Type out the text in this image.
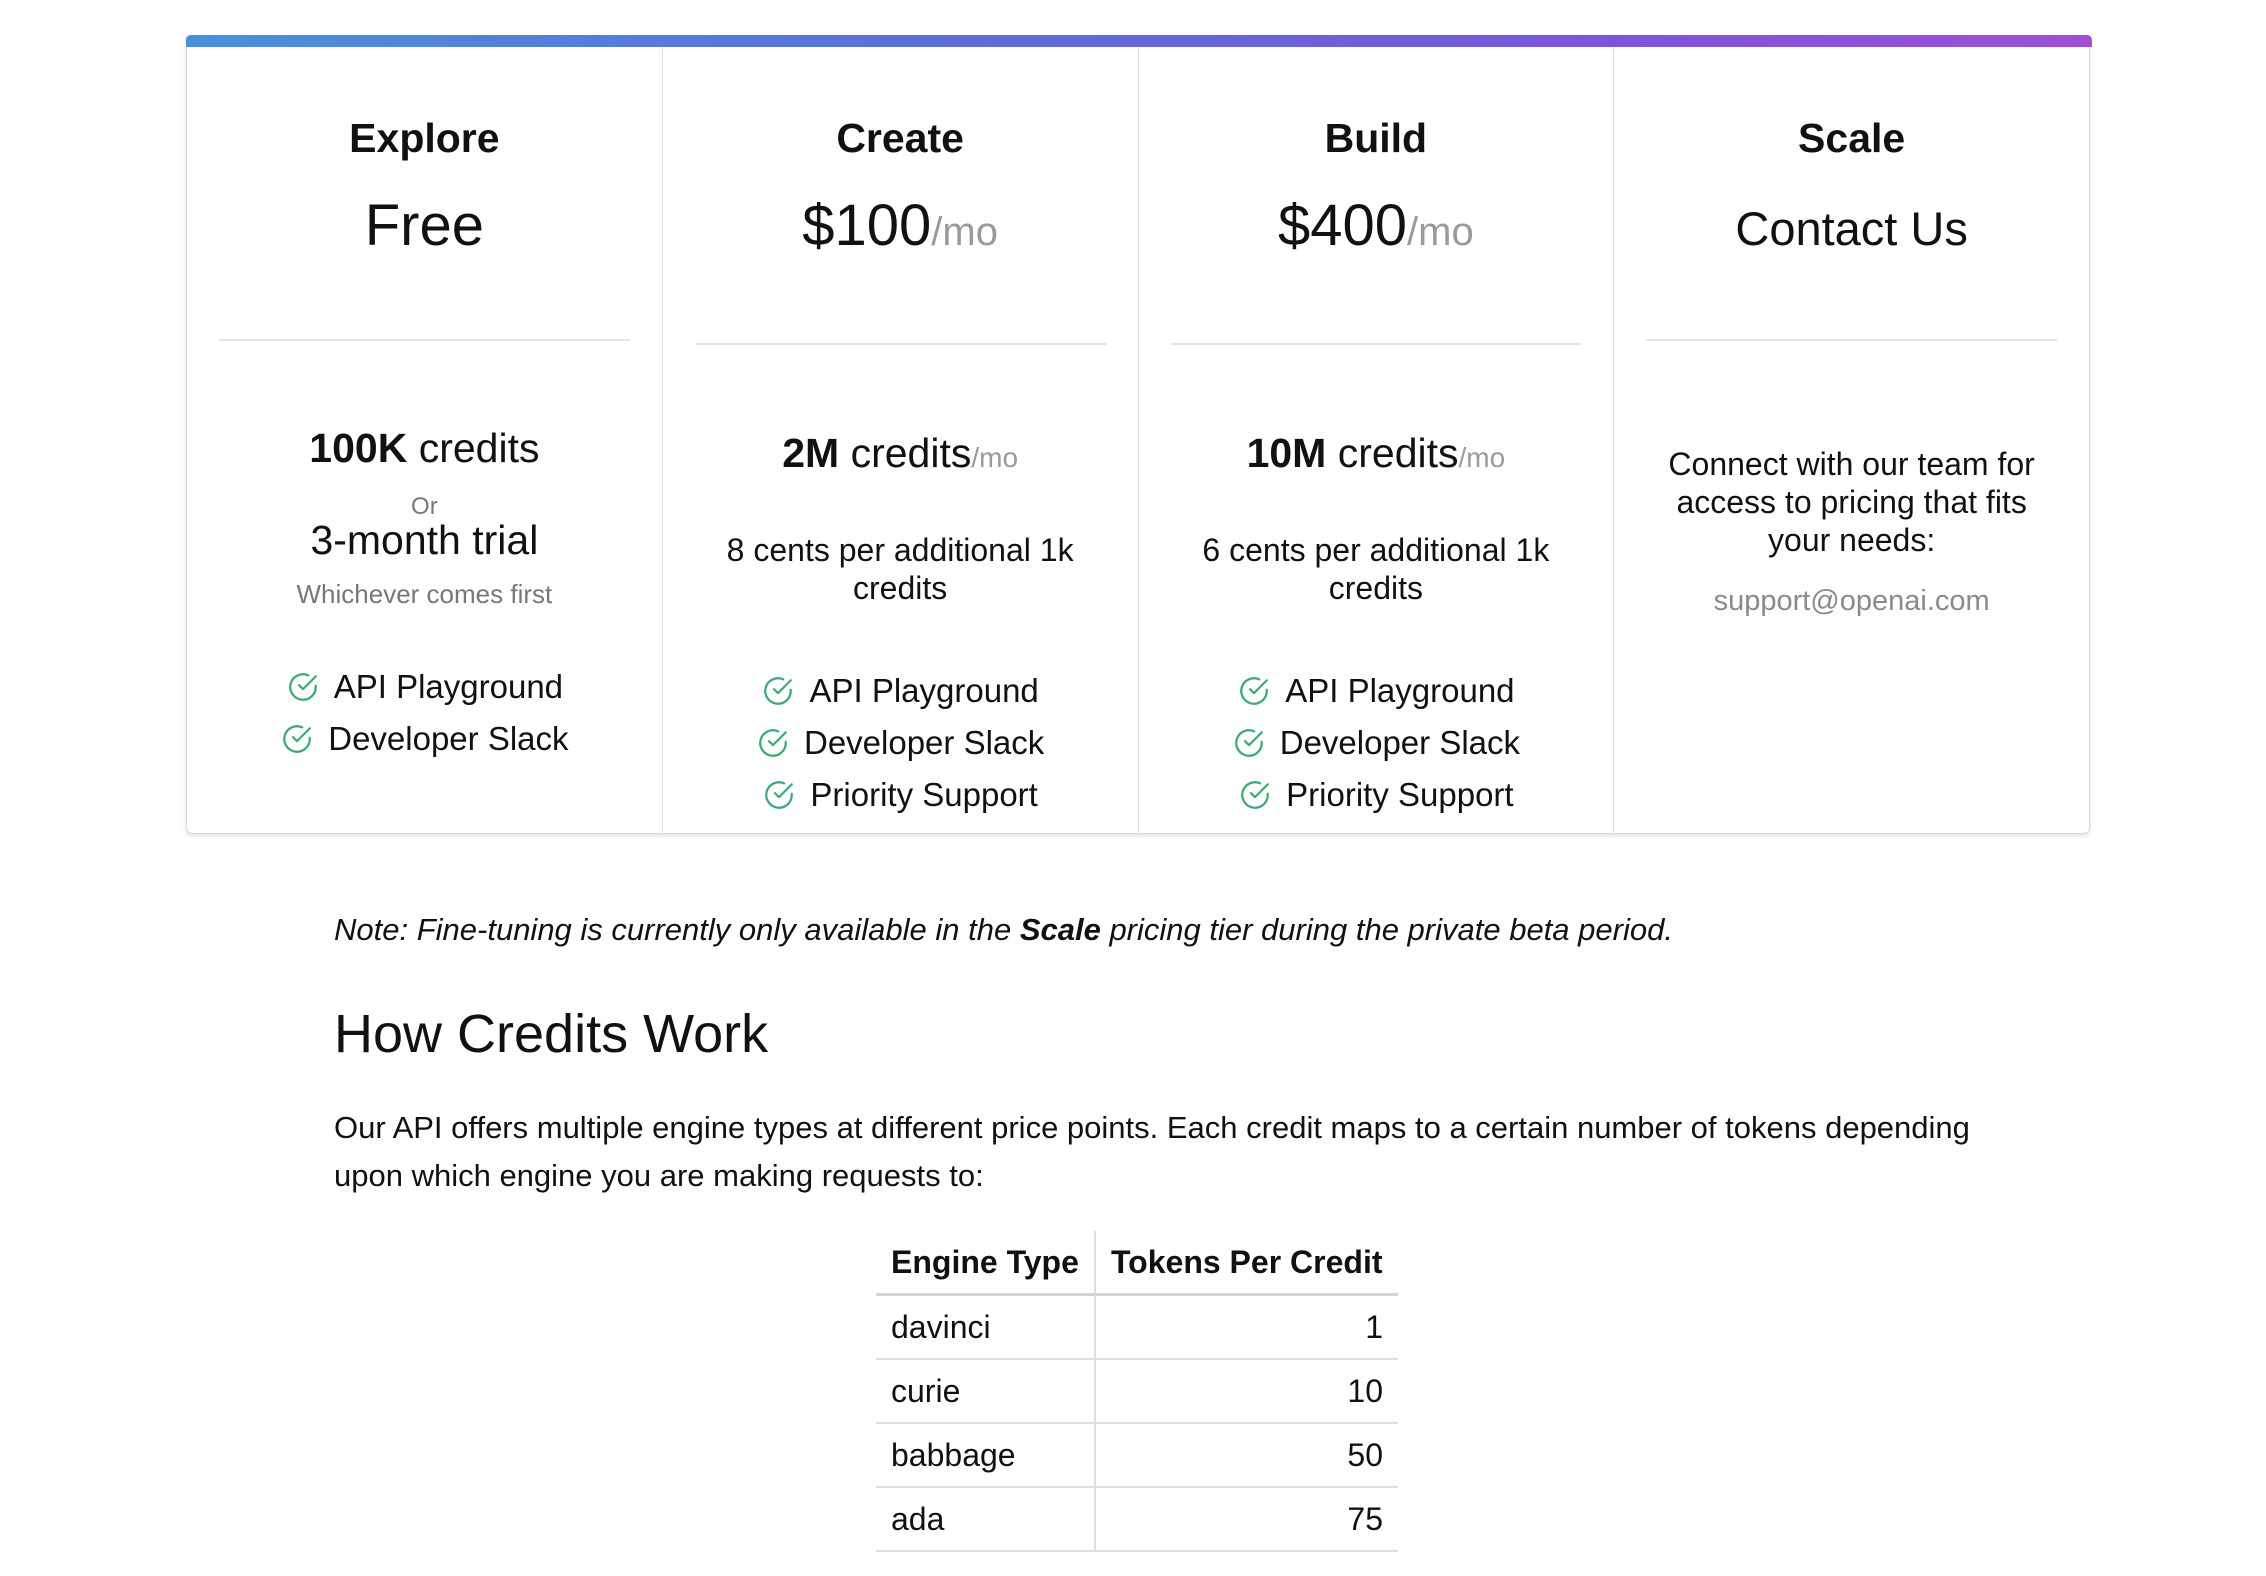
Explore
Free
100K credits
Or
3-month trial
Whichever comes first
API Playground
Developer Slack
Create
$100/mo
2M credits/mo
8 cents per additional 1k credits
API Playground
Developer Slack
Priority Support
Build
$400/mo
10M credits/mo
6 cents per additional 1k credits
API Playground
Developer Slack
Priority Support
Scale
Contact Us
Connect with our team for access to pricing that fits your needs:
support@openai.com
Note: Fine-tuning is currently only available in the Scale pricing tier during the private beta period.
How Credits Work
Our API offers multiple engine types at different price points. Each credit maps to a certain number of tokens depending upon which engine you are making requests to:
Engine Type	Tokens Per Credit
davinci	1
curie	10
babbage	50
ada	75
